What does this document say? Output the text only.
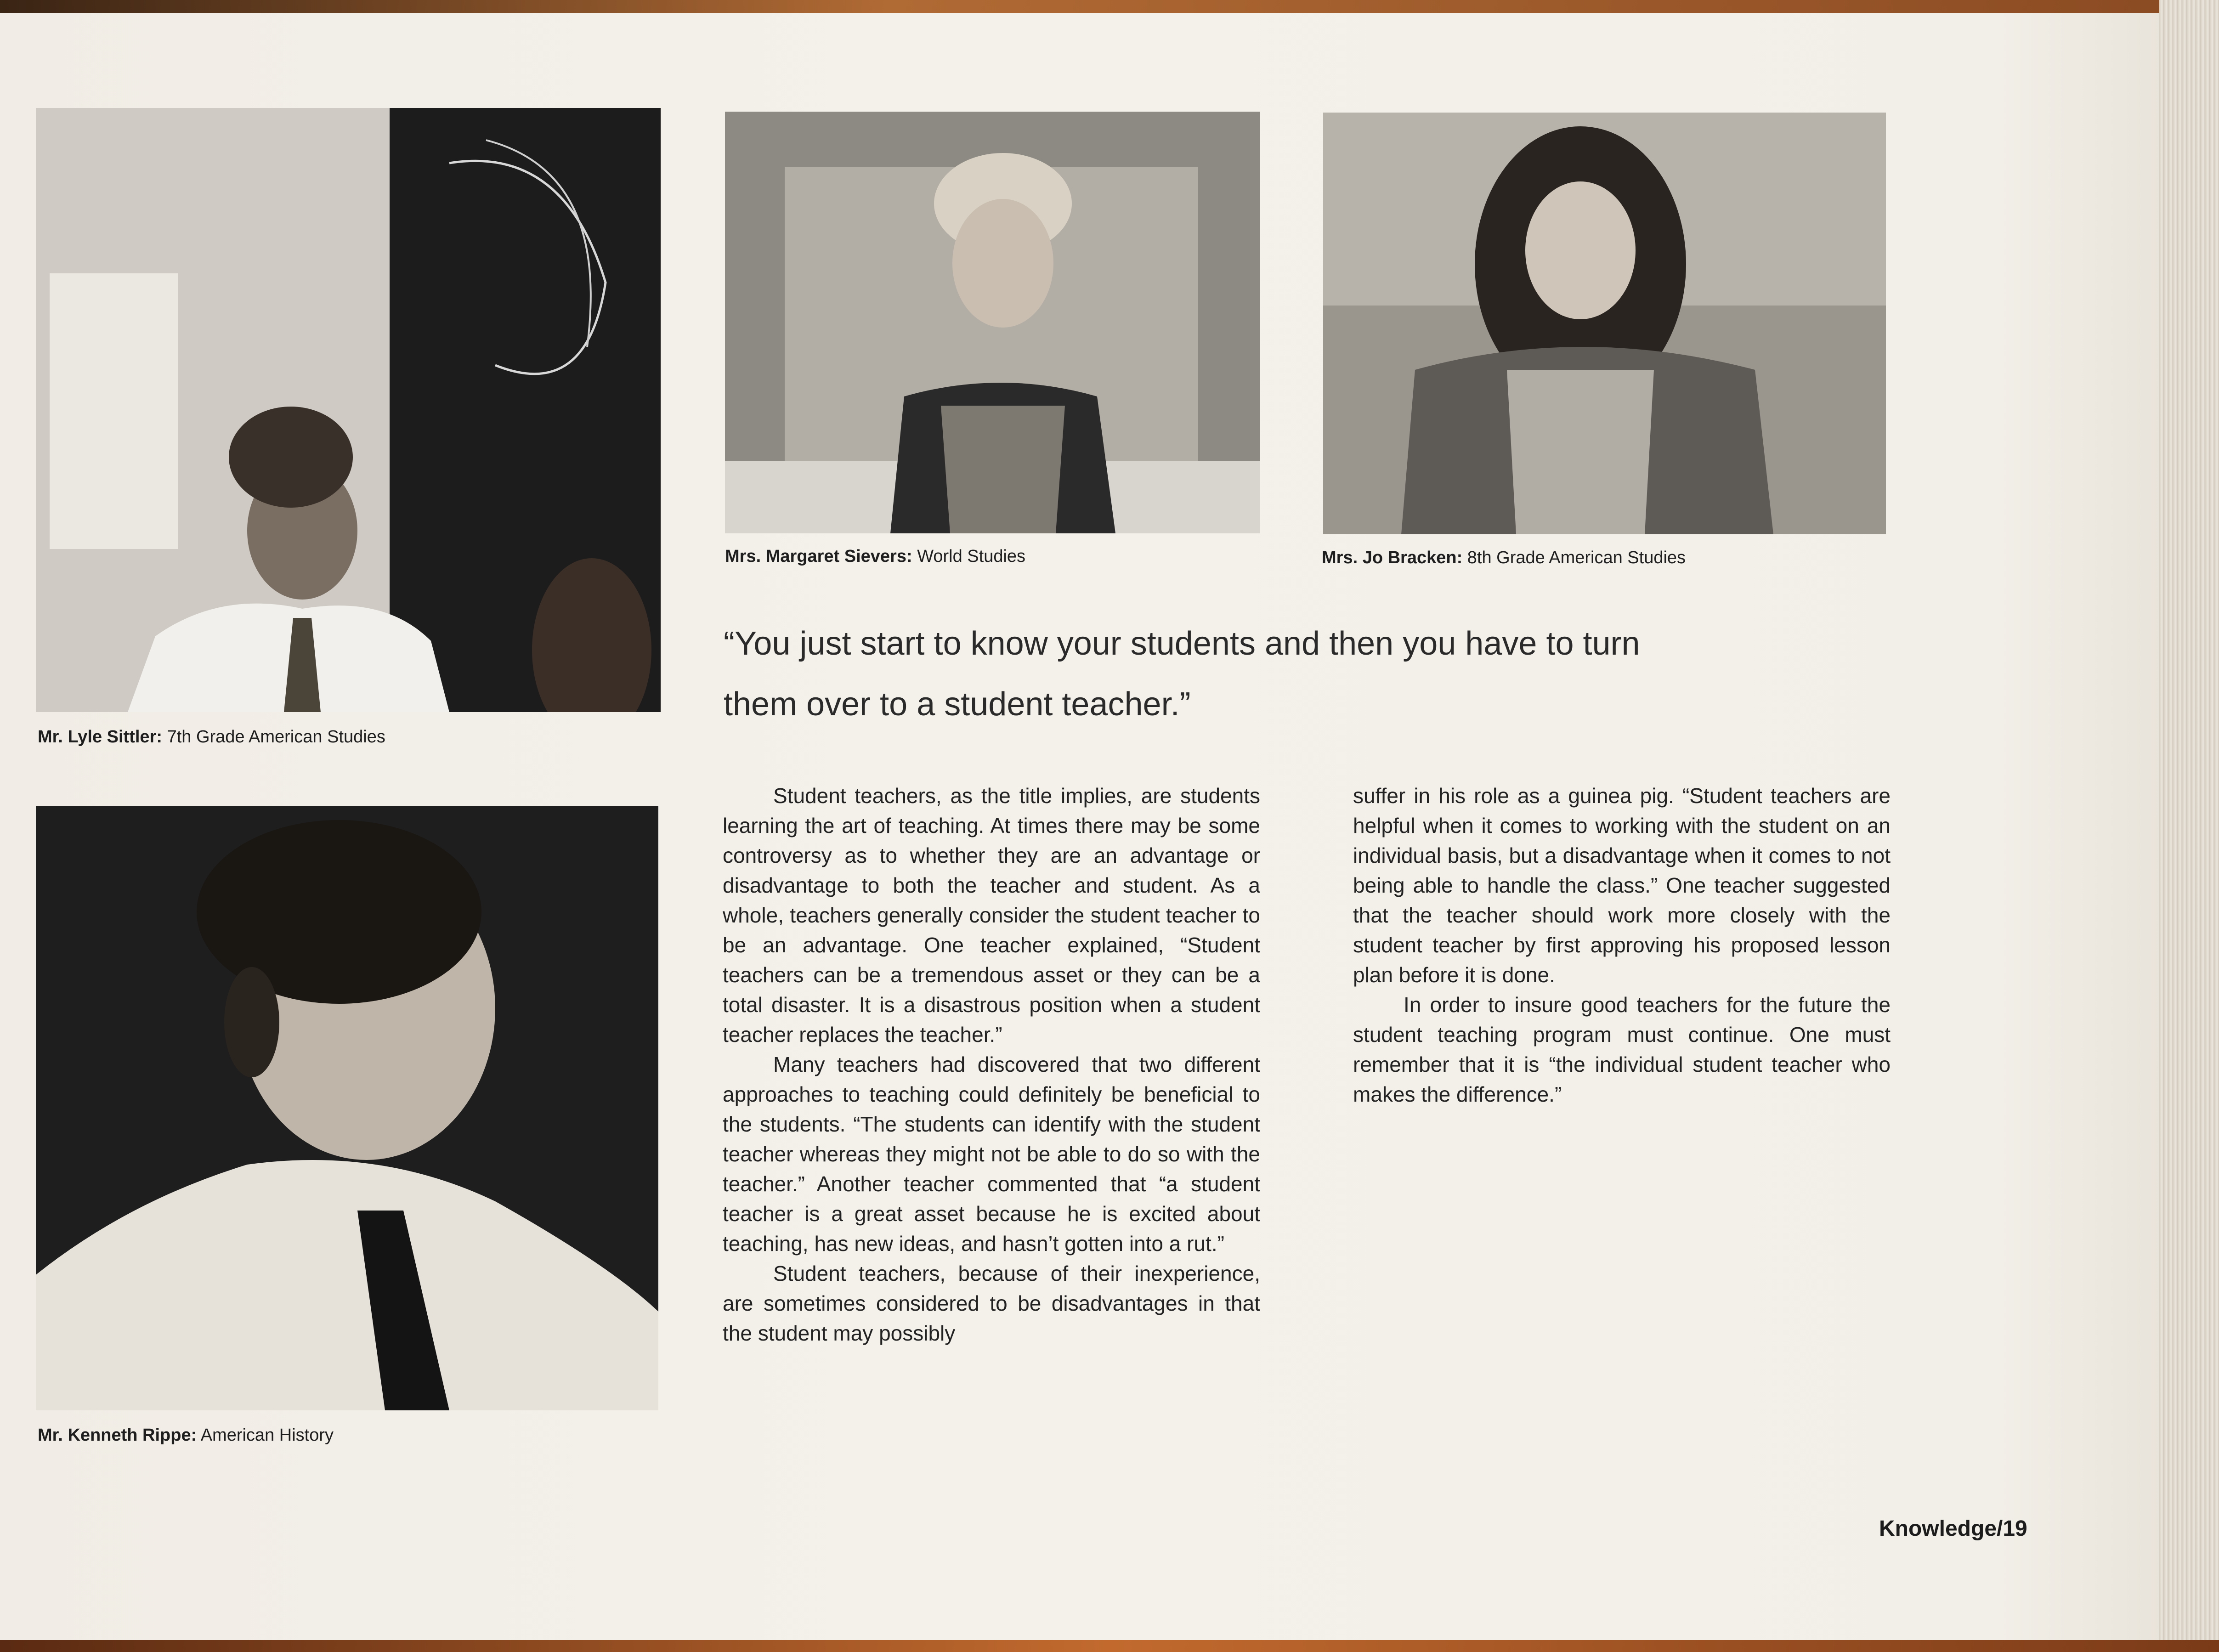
Mr. Lyle Sittler: 7th Grade American Studies
Mrs. Margaret Sievers: World Studies	Mrs. Jo Bracken: 8th Grade American Studies
“You just start to know your students and then you have to turn
them over to a student teacher.”
Mr. Kenneth Rippe: American History

Student teachers, as the title implies, are students learning the art of teaching. At times there may be some controversy as to whether they are an advantage or disadvantage to both the teacher and student. As a whole, teachers generally consider the student teacher to be an advantage. One teacher explained, “Student teachers can be a tremendous asset or they can be a total disaster. It is a disastrous position when a student teacher replaces the teacher.”

Many teachers had discovered that two different approaches to teaching could definitely be beneficial to the students. “The students can identify with the student teacher whereas they might not be able to do so with the teacher.” Another teacher commented that “a student teacher is a great asset because he is excited about teaching, has new ideas, and hasn’t gotten into a rut.”

Student teachers, because of their inexperience, are sometimes considered to be disadvantages in that the student may possibly

suffer in his role as a guinea pig. “Student teachers are helpful when it comes to working with the student on an individual basis, but a disadvantage when it comes to not being able to handle the class.” One teacher suggested that the teacher should work more closely with the student teacher by first approving his proposed lesson plan before it is done.

In order to insure good teachers for the future the student teaching program must continue. One must remember that it is “the individual student teacher who makes the difference.”

Knowledge/19
